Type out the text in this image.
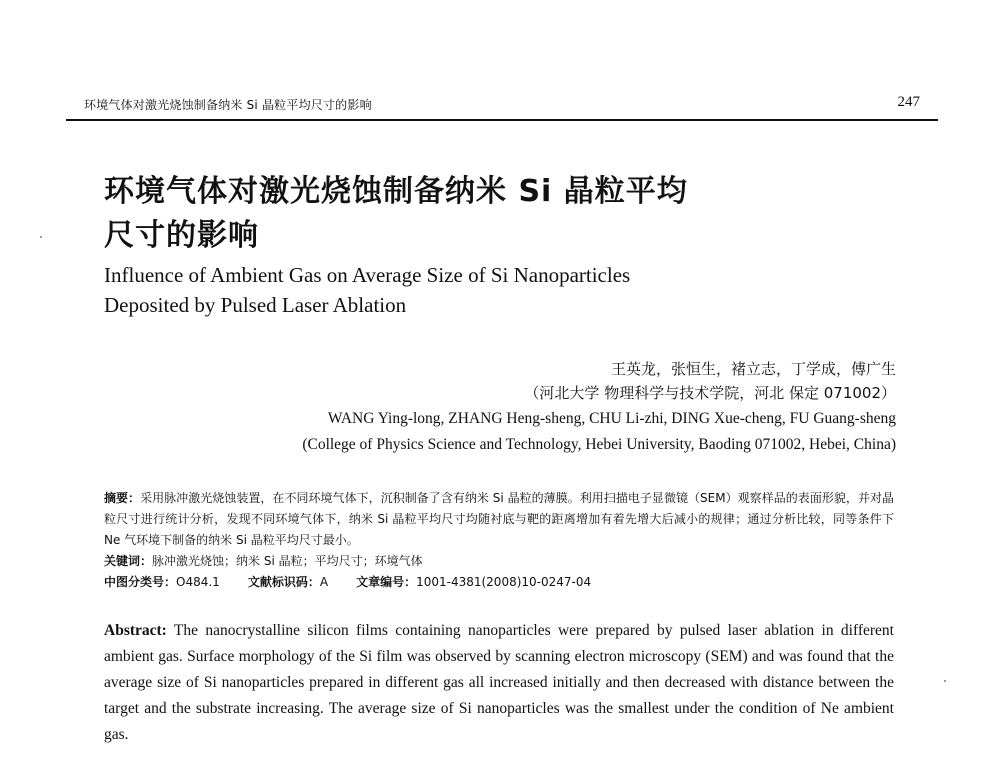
环境气体对激光烧蚀制备纳米 Si 晶粒平均尺寸的影响	247
环境气体对激光烧蚀制备纳米 Si 晶粒平均
尺寸的影响
Influence of Ambient Gas on Average Size of Si Nanoparticles
Deposited by Pulsed Laser Ablation
王英龙，张恒生，褚立志，丁学成，傅广生
（河北大学 物理科学与技术学院，河北 保定 071002）
WANG Ying-long, ZHANG Heng-sheng, CHU Li-zhi, DING Xue-cheng, FU Guang-sheng
(College of Physics Science and Technology, Hebei University, Baoding 071002, Hebei, China)
摘要：采用脉冲激光烧蚀装置，在不同环境气体下，沉积制备了含有纳米 Si 晶粒的薄膜。利用扫描电子显微镜（SEM）观察样品的表面形貌，并对晶粒尺寸进行统计分析，发现不同环境气体下，纳米 Si 晶粒平均尺寸均随衬底与靶的距离增加有着先增大后减小的规律；通过分析比较，同等条件下 Ne 气环境下制备的纳米 Si 晶粒平均尺寸最小。
关键词：脉冲激光烧蚀；纳米 Si 晶粒；平均尺寸；环境气体
中图分类号：O484.1 文献标识码：A 文章编号：1001-4381(2008)10-0247-04
Abstract: The nanocrystalline silicon films containing nanoparticles were prepared by pulsed laser ablation in different ambient gas. Surface morphology of the Si film was observed by scanning electron microscopy (SEM) and was found that the average size of Si nanoparticles prepared in different gas all increased initially and then decreased with distance between the target and the substrate increasing. The average size of Si nanoparticles was the smallest under the condition of Ne ambient gas.
